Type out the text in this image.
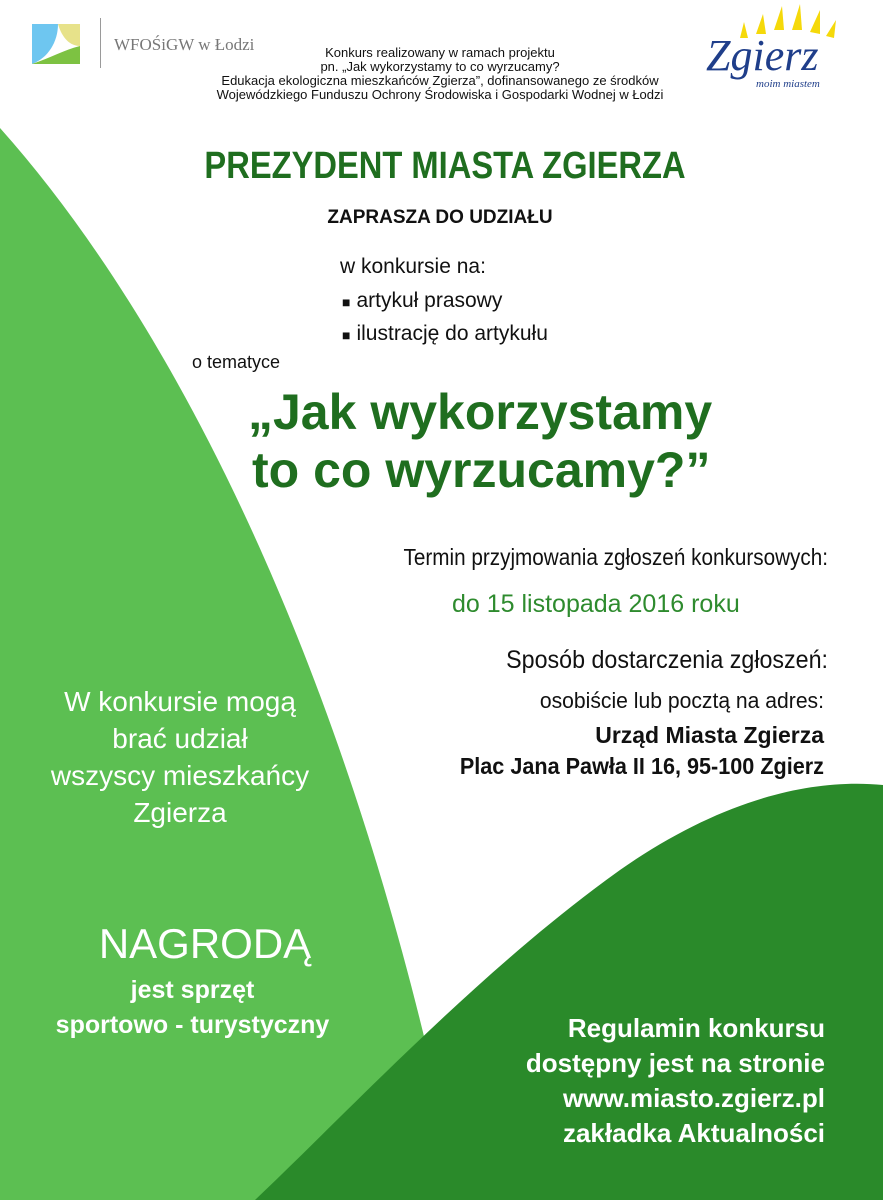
WFOŚiGW w Łodzi	Konkurs realizowany w ramach projektu
pn. „Jak wykorzystamy to co wyrzucamy?
Edukacja ekologiczna mieszkańców Zgierza”, dofinansowanego ze środków
Wojewódzkiego Funduszu Ochrony Środowiska i Gospodarki Wodnej w Łodzi
Zgierz
moim miastem
PREZYDENT MIASTA ZGIERZA
ZAPRASZA DO UDZIAŁU
w konkursie na:
■ artykuł prasowy
■ ilustrację do artykułu
o tematyce
„Jak wykorzystamy
to co wyrzucamy?”
Termin przyjmowania zgłoszeń konkursowych:
do 15 listopada 2016 roku
Sposób dostarczenia zgłoszeń:
osobiście lub pocztą na adres:
Urząd Miasta Zgierza
Plac Jana Pawła II 16, 95-100 Zgierz
W konkursie mogą
brać udział
wszyscy mieszkańcy
Zgierza
NAGRODĄ
jest sprzęt
sportowo - turystyczny	Regulamin konkursu
dostępny jest na stronie
www.miasto.zgierz.pl
zakładka Aktualności
